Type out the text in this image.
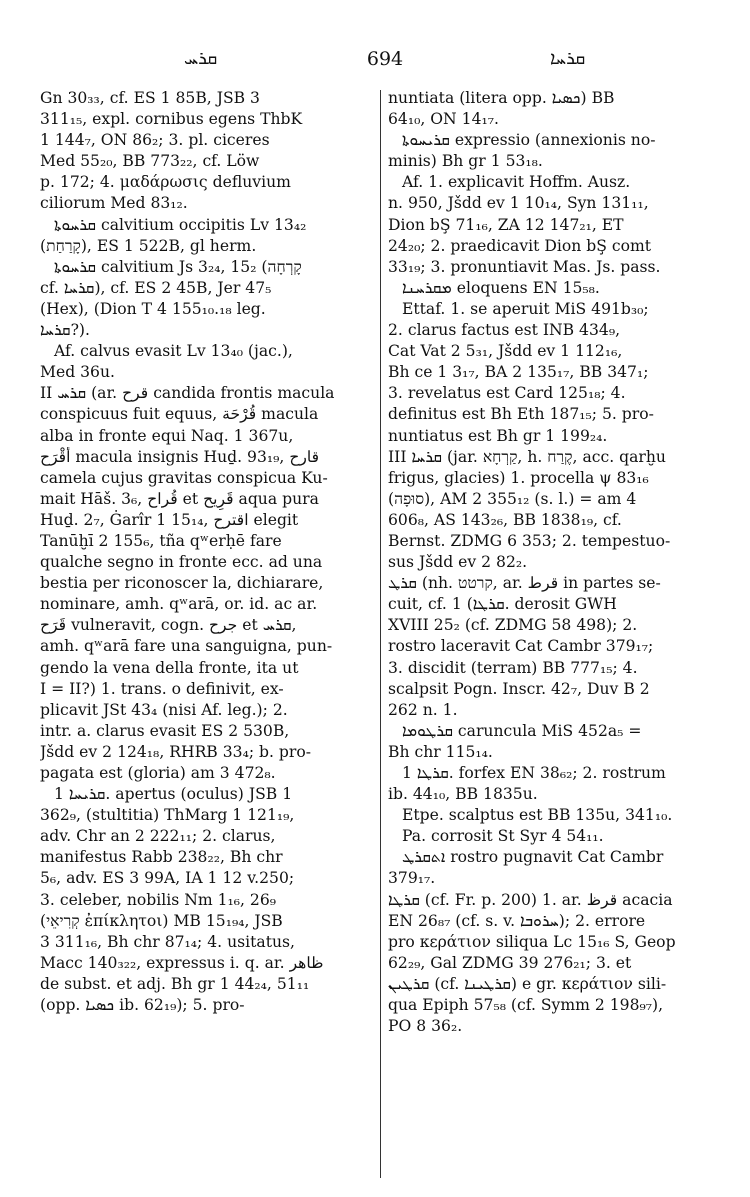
ܩܪܚ	694	ܩܪܚܐ
Gn 30₃₃, cf. ES 1 85B, JSB 3
311₁₅, expl. cornibus egens ThbK
1 144₇, ON 86₂; 3. pl. ciceres
Med 55₂₀, BB 773₂₂, cf. Löw
p. 172; 4. μαδάρωσις defluvium
ciliorum Med 83₁₂.
ܩܪܚܘܬܐ calvitium occipitis Lv 13₄₂
(קָרַחַת), ES 1 522B, gl herm.
ܩܪܚܘܬܐ calvitium Js 3₂₄, 15₂ (קָרְחָה
cf. ܩܪܚܐ), cf. ES 2 45B, Jer 47₅
(Hex), (Dion T 4 155₁₀.₁₈ leg.
ܩܪܚܐ?).
Af. calvus evasit Lv 13₄₀ (jac.),
Med 36u.
II ܩܪܚ (ar. قرح candida frontis macula
conspicuus fuit equus, قُرْحَة macula
alba in fronte equi Naq. 1 367u,
أَقْرَح macula insignis Huḏ. 93₁₉, قارح
camela cujus gravitas conspicua Ku-
mait Hāš. 3₆, قُراح et قَرِيح aqua pura
Huḏ. 2₇, Ġarîr 1 15₁₄, اقترح elegit
Tanūḫī 2 155₆, tña qʷerḥē fare
qualche segno in fronte ecc. ad una
bestia per riconoscer la, dichiarare,
nominare, amh. qʷarā, or. id. ac ar.
قَرَح vulneravit, cogn. جرح et ܩܪܚ,
amh. qʷarā fare una sanguigna, pun-
gendo la vena della fronte, ita ut
I = II?) 1. trans. o definivit, ex-
plicavit JSt 43₄ (nisi Af. leg.); 2.
intr. a. clarus evasit ES 2 530B,
Jšdd ev 2 124₁₈, RHRB 33₄; b. pro-
pagata est (gloria) am 3 472₈.
ܩܪܝܚܐ 1. apertus (oculus) JSB 1
362₉, (stultitia) ThMarg 1 121₁₉,
adv. Chr an 2 222₁₁; 2. clarus,
manifestus Rabb 238₂₂, Bh chr
5₆, adv. ES 3 99A, IA 1 12 v.250;
3. celeber, nobilis Nm 1₁₆, 26₉
(קְרִיאֵי ἐπίκλητοι) MB 15₁₉₄, JSB
3 311₁₆, Bh chr 87₁₄; 4. usitatus,
Macc 140₃₂₂, expressus i. q. ar. ظاهر
de subst. et adj. Bh gr 1 44₂₄, 51₁₁
(opp. ܟܣܝܐ ib. 62₁₉); 5. pro-
nuntiata (litera opp. ܟܣܝܐ) BB
64₁₀, ON 14₁₇.
ܩܪܝܚܘܬܐ expressio (annexionis no-
minis) Bh gr 1 53₁₈.
Af. 1. explicavit Hoffm. Ausz.
n. 950, Jšdd ev 1 10₁₄, Syn 131₁₁,
Dion bŞ 71₁₆, ZA 12 147₂₁, ET
24₂₀; 2. praedicavit Dion bŞ comt
33₁₉; 3. pronuntiavit Mas. Js. pass.
ܡܩܪܚܢܐ eloquens EN 15₅₈.
Ettaf. 1. se aperuit MiS 491b₃₀;
2. clarus factus est INB 434₉,
Cat Vat 2 5₃₁, Jšdd ev 1 112₁₆,
Bh ce 1 3₁₇, BA 2 135₁₇, BB 347₁;
3. revelatus est Card 125₁₈; 4.
definitus est Bh Eth 187₁₅; 5. pro-
nuntiatus est Bh gr 1 199₂₄.
III ܩܪܚܐ (jar. קַרְחָא, h. קֶרַח, acc. qarḫu
frigus, glacies) 1. procella ψ 83₁₆
(סוּפָה), AM 2 355₁₂ (s. l.) = am 4
606₈, AS 143₂₆, BB 1838₁₉, cf.
Bernst. ZDMG 6 353; 2. tempestuo-
sus Jšdd ev 2 82₂.
ܩܪܛ (nh. קרטט, ar. قرط in partes se-
cuit, cf. ܩܪܛܐ) 1. derosit GWH
XVIII 25₂ (cf. ZDMG 58 498); 2.
rostro laceravit Cat Cambr 379₁₇;
3. discidit (terram) BB 777₁₅; 4.
scalpsit Pogn. Inscr. 42₇, Duv B 2
262 n. 1.
ܩܪܛܘܡܐ caruncula MiS 452a₅ =
Bh chr 115₁₄.
ܩܪܛܐ 1. forfex EN 38₆₂; 2. rostrum
ib. 44₁₀, BB 1835u.
Etpe. scalptus est BB 135u, 341₁₀.
Pa. corrosit St Syr 4 54₁₁.
ܐܬܩܪܛ rostro pugnavit Cat Cambr
379₁₇.
ܩܪܛܐ (cf. Fr. p. 200) 1. ar. قرظ acacia
EN 26₈₇ (cf. s. v. ܚܪܘܒܐ); 2. errore
pro κεράτιον siliqua Lc 15₁₆ S, Geop
62₂₉, Gal ZDMG 39 276₂₁; 3. et
ܩܪܛܝܢ (cf. ܩܪܛܝܢܐ) e gr. κεράτιον sili-
qua Epiph 57₅₈ (cf. Symm 2 198₉₇),
PO 8 36₂.
